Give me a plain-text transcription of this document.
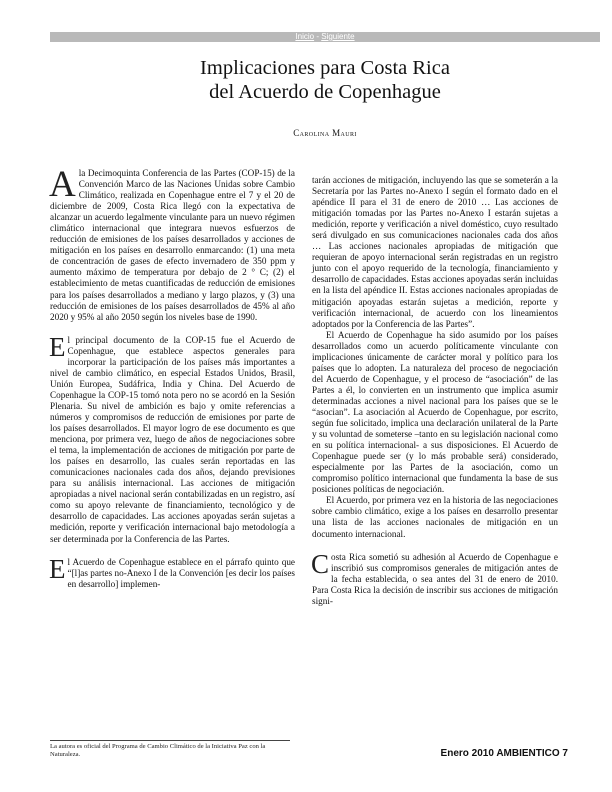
Inicio - Siguiente
Implicaciones para Costa Rica
del Acuerdo de Copenhague
Carolina Mauri

Ala Decimoquinta Conferencia de las Partes (COP-15) de la Convención Marco de las Naciones Unidas sobre Cambio Climático, realizada en Copenhague entre el 7 y el 20 de diciembre de 2009, Costa Rica llegó con la expectativa de alcanzar un acuerdo legalmente vinculante para un nuevo régimen climático internacional que integrara nuevos esfuerzos de reducción de emisiones de los países desarrollados y acciones de mitigación en los países en desarrollo enmarcando: (1) una meta de concentración de gases de efecto invernadero de 350 ppm y aumento máximo de temperatura por debajo de 2 ° C; (2) el establecimiento de metas cuantificadas de reducción de emisiones para los países desarrollados a mediano y largo plazos, y (3) una reducción de emisiones de los países desarrollados de 45% al año 2020 y 95% al año 2050 según los niveles base de 1990.

El principal documento de la COP-15 fue el Acuerdo de Copenhague, que establece aspectos generales para incorporar la participación de los países más importantes a nivel de cambio climático, en especial Estados Unidos, Brasil, Unión Europea, Sudáfrica, India y China. Del Acuerdo de Copenhague la COP-15 tomó nota pero no se acordó en la Sesión Plenaria. Su nivel de ambición es bajo y omite referencias a números y compromisos de reducción de emisiones por parte de los países desarrollados. El mayor logro de ese documento es que menciona, por primera vez, luego de años de negociaciones sobre el tema, la implementación de acciones de mitigación por parte de los países en desarrollo, las cuales serán reportadas en las comunicaciones nacionales cada dos años, dejando previsiones para su análisis internacional. Las acciones de mitigación apropiadas a nivel nacional serán contabilizadas en un registro, así como su apoyo relevante de financiamiento, tecnológico y de desarrollo de capacidades. Las acciones apoyadas serán sujetas a medición, reporte y verificación internacional bajo metodología a ser determinada por la Conferencia de las Partes.

El Acuerdo de Copenhague establece en el párrafo quinto que “[l]as partes no-Anexo I de la Convención [es decir los países en desarrollo] implemen-

tarán acciones de mitigación, incluyendo las que se someterán a la Secretaría por las Partes no-Anexo I según el formato dado en el apéndice II para el 31 de enero de 2010 … Las acciones de mitigación tomadas por las Partes no-Anexo I estarán sujetas a medición, reporte y verificación a nivel doméstico, cuyo resultado será divulgado en sus comunicaciones nacionales cada dos años … Las acciones nacionales apropiadas de mitigación que requieran de apoyo internacional serán registradas en un registro junto con el apoyo requerido de la tecnología, financiamiento y desarrollo de capacidades. Estas acciones apoyadas serán incluidas en la lista del apéndice II. Estas acciones nacionales apropiadas de mitigación apoyadas estarán sujetas a medición, reporte y verificación internacional, de acuerdo con los lineamientos adoptados por la Conferencia de las Partes”.

El Acuerdo de Copenhague ha sido asumido por los países desarrollados como un acuerdo políticamente vinculante con implicaciones únicamente de carácter moral y político para los países que lo adopten. La naturaleza del proceso de negociación del Acuerdo de Copenhague, y el proceso de “asociación” de las Partes a él, lo convierten en un instrumento que implica asumir determinadas acciones a nivel nacional para los países que se le “asocian”. La asociación al Acuerdo de Copenhague, por escrito, según fue solicitado, implica una declaración unilateral de la Parte y su voluntad de someterse –tanto en su legislación nacional como en su política internacional- a sus disposiciones. El Acuerdo de Copenhague puede ser (y lo más probable será) considerado, especialmente por las Partes de la asociación, como un compromiso político internacional que fundamenta la base de sus posiciones políticas de negociación.

El Acuerdo, por primera vez en la historia de las negociaciones sobre cambio climático, exige a los países en desarrollo presentar una lista de las acciones nacionales de mitigación en un documento internacional.

Costa Rica sometió su adhesión al Acuerdo de Copenhague e inscribió sus compromisos generales de mitigación antes de la fecha establecida, o sea antes del 31 de enero de 2010. Para Costa Rica la decisión de inscribir sus acciones de mitigación signi-

La autora es oficial del Programa de Cambio Climático de la Iniciativa Paz con la Naturaleza.	Enero 2010 AMBIENTICO 7
